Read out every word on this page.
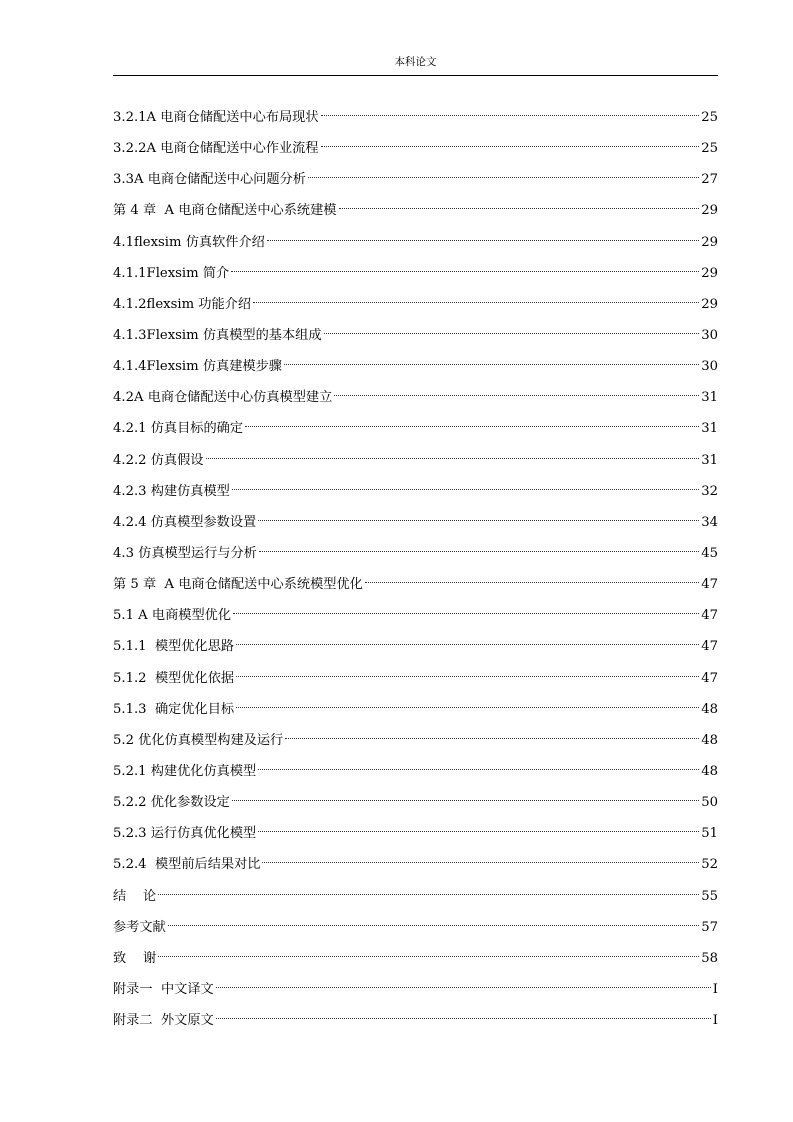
本科论文
3.2.1A 电商仓储配送中心布局现状	25
3.2.2A 电商仓储配送中心作业流程	25
3.3A 电商仓储配送中心问题分析	27
第 4 章  A 电商仓储配送中心系统建模	29
4.1flexsim 仿真软件介绍	29
4.1.1Flexsim 简介	29
4.1.2flexsim 功能介绍	29
4.1.3Flexsim 仿真模型的基本组成	30
4.1.4Flexsim 仿真建模步骤	30
4.2A 电商仓储配送中心仿真模型建立	31
4.2.1 仿真目标的确定	31
4.2.2 仿真假设	31
4.2.3 构建仿真模型	32
4.2.4 仿真模型参数设置	34
4.3 仿真模型运行与分析	45
第 5 章  A 电商仓储配送中心系统模型优化	47
5.1 A 电商模型优化	47
5.1.1  模型优化思路	47
5.1.2  模型优化依据	47
5.1.3  确定优化目标	48
5.2 优化仿真模型构建及运行	48
5.2.1 构建优化仿真模型	48
5.2.2 优化参数设定	50
5.2.3 运行仿真优化模型	51
5.2.4  模型前后结果对比	52
结    论	55
参考文献	57
致    谢	58
附录一  中文译文	I
附录二  外文原文	I
